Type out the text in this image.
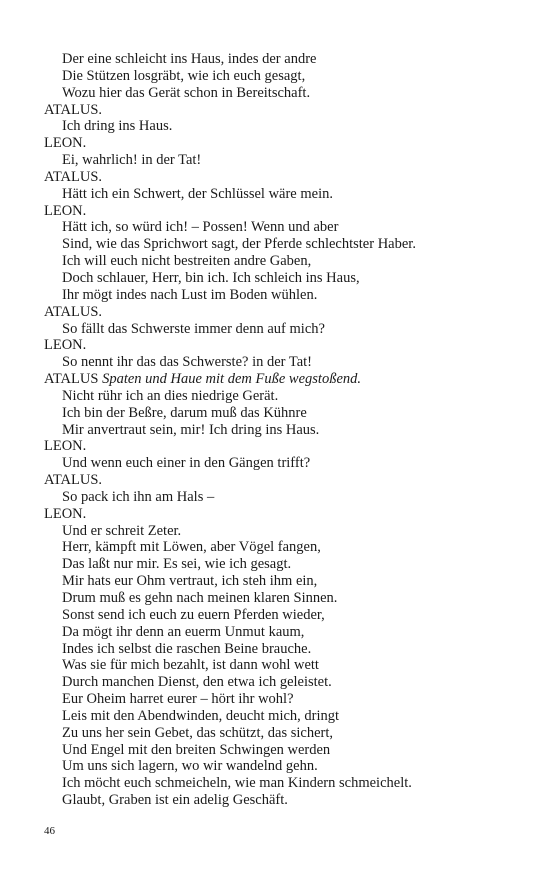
Der eine schleicht ins Haus, indes der andre
Die Stützen losgräbt, wie ich euch gesagt,
Wozu hier das Gerät schon in Bereitschaft.
ATALUS.
Ich dring ins Haus.
LEON.
Ei, wahrlich! in der Tat!
ATALUS.
Hätt ich ein Schwert, der Schlüssel wäre mein.
LEON.
Hätt ich, so würd ich! – Possen! Wenn und aber
Sind, wie das Sprichwort sagt, der Pferde schlechtster Haber.
Ich will euch nicht bestreiten andre Gaben,
Doch schlauer, Herr, bin ich. Ich schleich ins Haus,
Ihr mögt indes nach Lust im Boden wühlen.
ATALUS.
So fällt das Schwerste immer denn auf mich?
LEON.
So nennt ihr das das Schwerste? in der Tat!
ATALUS Spaten und Haue mit dem Fuße wegstoßend.
Nicht rühr ich an dies niedrige Gerät.
Ich bin der Beßre, darum muß das Kühnre
Mir anvertraut sein, mir! Ich dring ins Haus.
LEON.
Und wenn euch einer in den Gängen trifft?
ATALUS.
So pack ich ihn am Hals –
LEON.
Und er schreit Zeter.
Herr, kämpft mit Löwen, aber Vögel fangen,
Das laßt nur mir. Es sei, wie ich gesagt.
Mir hats eur Ohm vertraut, ich steh ihm ein,
Drum muß es gehn nach meinen klaren Sinnen.
Sonst send ich euch zu euern Pferden wieder,
Da mögt ihr denn an euerm Unmut kaum,
Indes ich selbst die raschen Beine brauche.
Was sie für mich bezahlt, ist dann wohl wett
Durch manchen Dienst, den etwa ich geleistet.
Eur Oheim harret eurer – hört ihr wohl?
Leis mit den Abendwinden, deucht mich, dringt
Zu uns her sein Gebet, das schützt, das sichert,
Und Engel mit den breiten Schwingen werden
Um uns sich lagern, wo wir wandelnd gehn.
Ich möcht euch schmeicheln, wie man Kindern schmeichelt.
Glaubt, Graben ist ein adelig Geschäft.
46
